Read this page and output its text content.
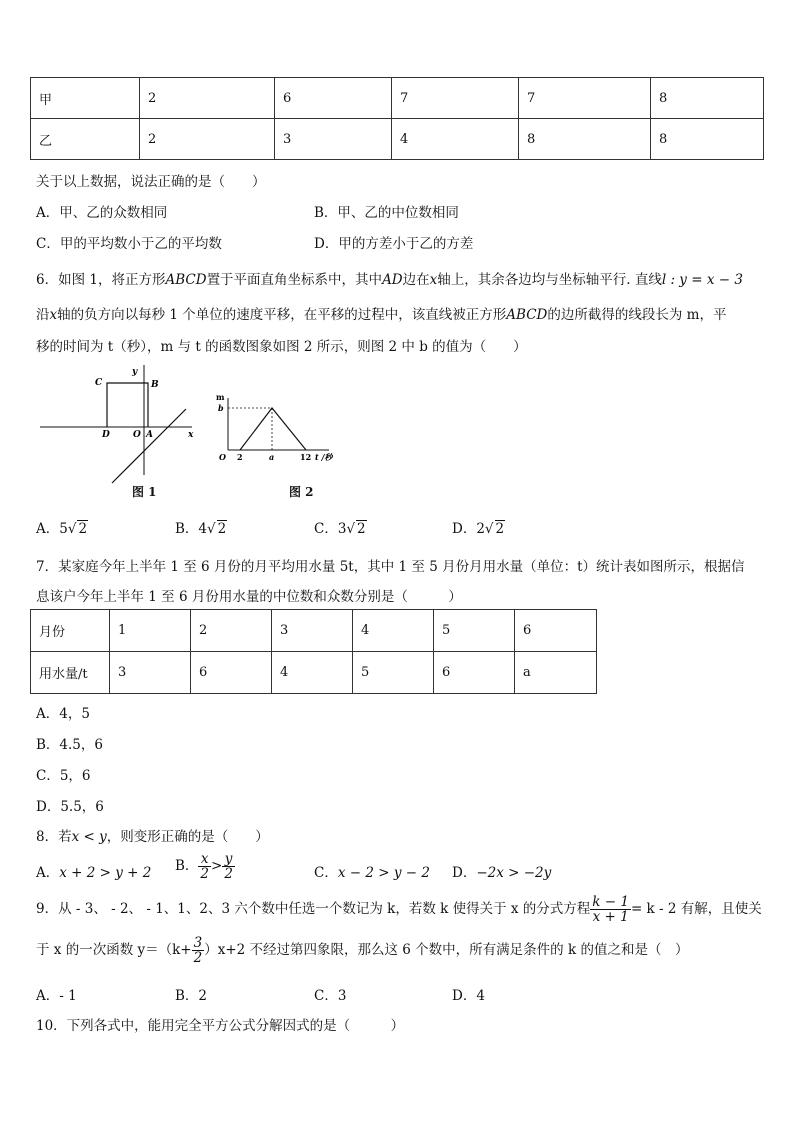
甲	2	6	7	7	8
乙	2	3	4	8	8
关于以上数据，说法正确的是（　　）
A．甲、乙的众数相同	B．甲、乙的中位数相同
C．甲的平均数小于乙的平均数	D．甲的方差小于乙的方差
6．如图 1，将正方形ABCD置于平面直角坐标系中，其中AD边在x轴上，其余各边均与坐标轴平行. 直线l : y = x − 3
沿x轴的负方向以每秒 1 个单位的速度平移，在平移的过程中，该直线被正方形ABCD的边所截得的线段长为 m，平
移的时间为 t（秒），m 与 t 的函数图象如图 2 所示，则图 2 中 b 的值为（　　）
C	B
D	O A	x
y
图 1
m
b
O 2	a	12 t /秒
图 2
A．5√ 2	B．4√ 2	C．3√ 2	D．2√ 2
7．某家庭今年上半年 1 至 6 月份的月平均用水量 5t，其中 1 至 5 月份月用水量（单位：t）统计表如图所示，根据信
息该户今年上半年 1 至 6 月份用水量的中位数和众数分别是（　　　）
月份	1	2	3	4	5	6
用水量/t	3	6	4	5	6	a
A．4，5
B．4.5，6
C．5，6
D．5.5，6
8．若x < y，则变形正确的是（　　）
A．x + 2 > y + 2 B． $\frac{x}{2} > \frac{y}{2}$	C．x − 2 > y − 2 D．−2x > −2y
9．从 - 3、 - 2、 - 1、1、2、3 六个数中任选一个数记为 k，若数 k 使得关于 x 的分式方程 $\frac{k - 1}{x + 1} = k - 2$ 有解，且使关
于 x 的一次函数 $y=(k+ \frac{3}{2} )x+2$ 不经过第四象限，那么这 6 个数中，所有满足条件的 k 的值之和是（　）
A．- 1	B．2	C．3	D．4
10．下列各式中，能用完全平方公式分解因式的是（　　　）
